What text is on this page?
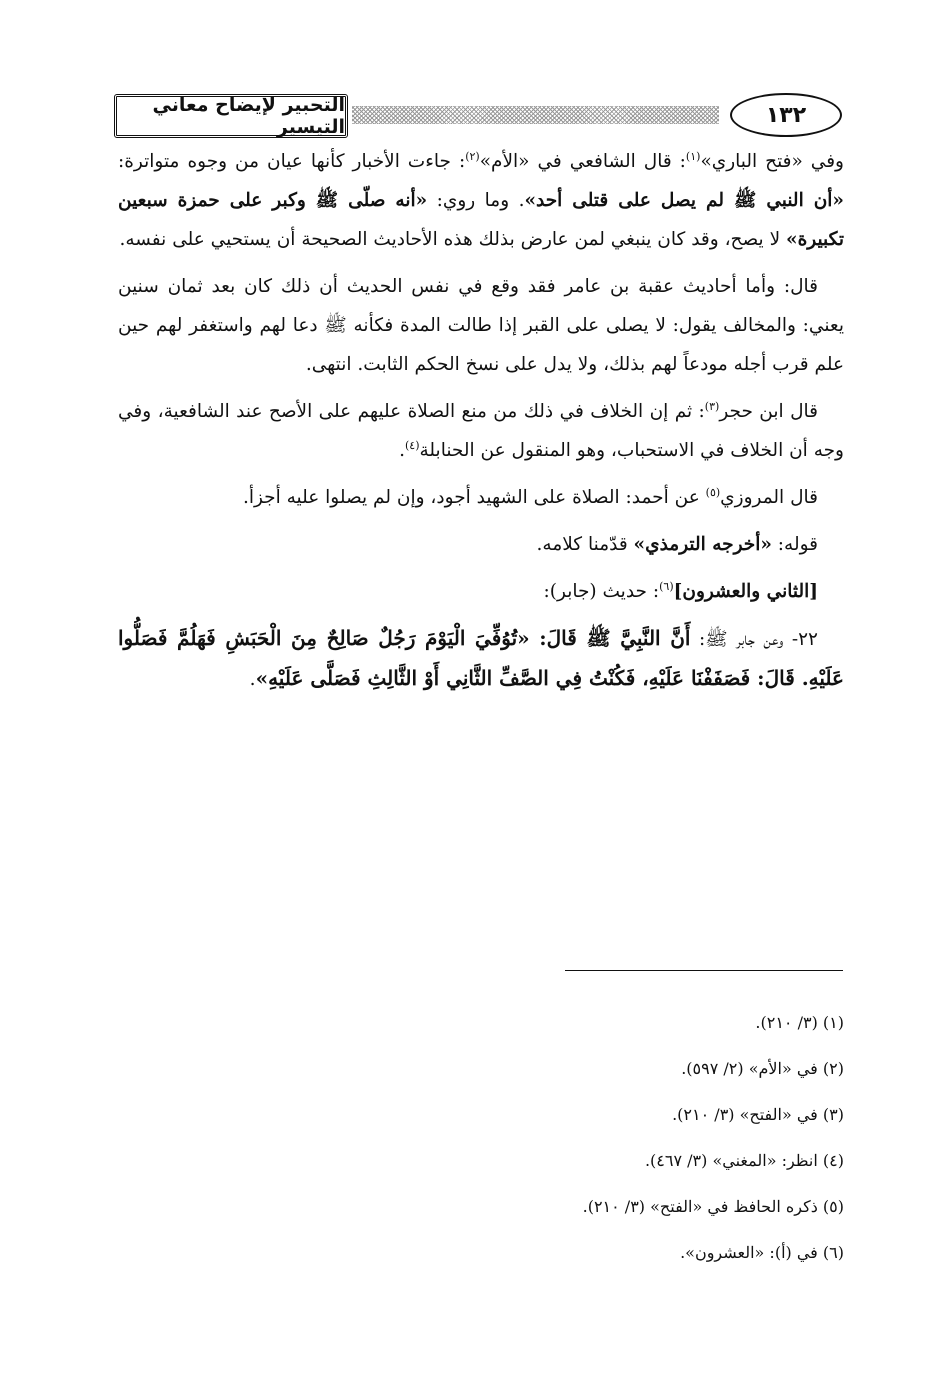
التحبير لإيضاح معاني التيسير	١٣٢

وفي «فتح الباري»$^{(١)}$: قال الشافعي في «الأم»$^{(٢)}$: جاءت الأخبار كأنها عيان من وجوه متواترة: «أن النبي ﷺ لم يصل على قتلى أحد». وما روي: «أنه صلّى ﷺ وكبر على حمزة سبعين تكبيرة» لا يصح، وقد كان ينبغي لمن عارض بذلك هذه الأحاديث الصحيحة أن يستحيي على نفسه.

قال: وأما أحاديث عقبة بن عامر فقد وقع في نفس الحديث أن ذلك كان بعد ثمان سنين يعني: والمخالف يقول: لا يصلى على القبر إذا طالت المدة فكأنه ﷺ دعا لهم واستغفر لهم حين علم قرب أجله مودعاً لهم بذلك، ولا يدل على نسخ الحكم الثابت. انتهى.

قال ابن حجر$^{(٣)}$: ثم إن الخلاف في ذلك من منع الصلاة عليهم على الأصح عند الشافعية، وفي وجه أن الخلاف في الاستحباب، وهو المنقول عن الحنابلة$^{(٤)}$.

قال المروزي$^{(٥)}$ عن أحمد: الصلاة على الشهيد أجود، وإن لم يصلوا عليه أجزأ.

قوله: «أخرجه الترمذي» قدّمنا كلامه.

[الثاني والعشرون]$^{(٦)}$: حديث (جابر):

٢٢- وعن جابر ﷺ: أَنَّ النَّبِيَّ ﷺ قَالَ: «تُوُفِّيَ الْيَوْمَ رَجُلٌ صَالِحٌ مِنَ الْحَبَشِ فَهَلُمَّ فَصَلُّوا عَلَيْهِ. قَالَ: فَصَفَفْنَا عَلَيْهِ، فَكُنْتُ فِي الصَّفِّ الثَّانِي أَوْ الثَّالِثِ فَصَلَّى عَلَيْهِ».

(١) (٣/ ٢١٠).
(٢) في «الأم» (٢/ ٥٩٧).
(٣) في «الفتح» (٣/ ٢١٠).
(٤) انظر: «المغني» (٣/ ٤٦٧).
(٥) ذكره الحافظ في «الفتح» (٣/ ٢١٠).
(٦) في (أ): «العشرون».
